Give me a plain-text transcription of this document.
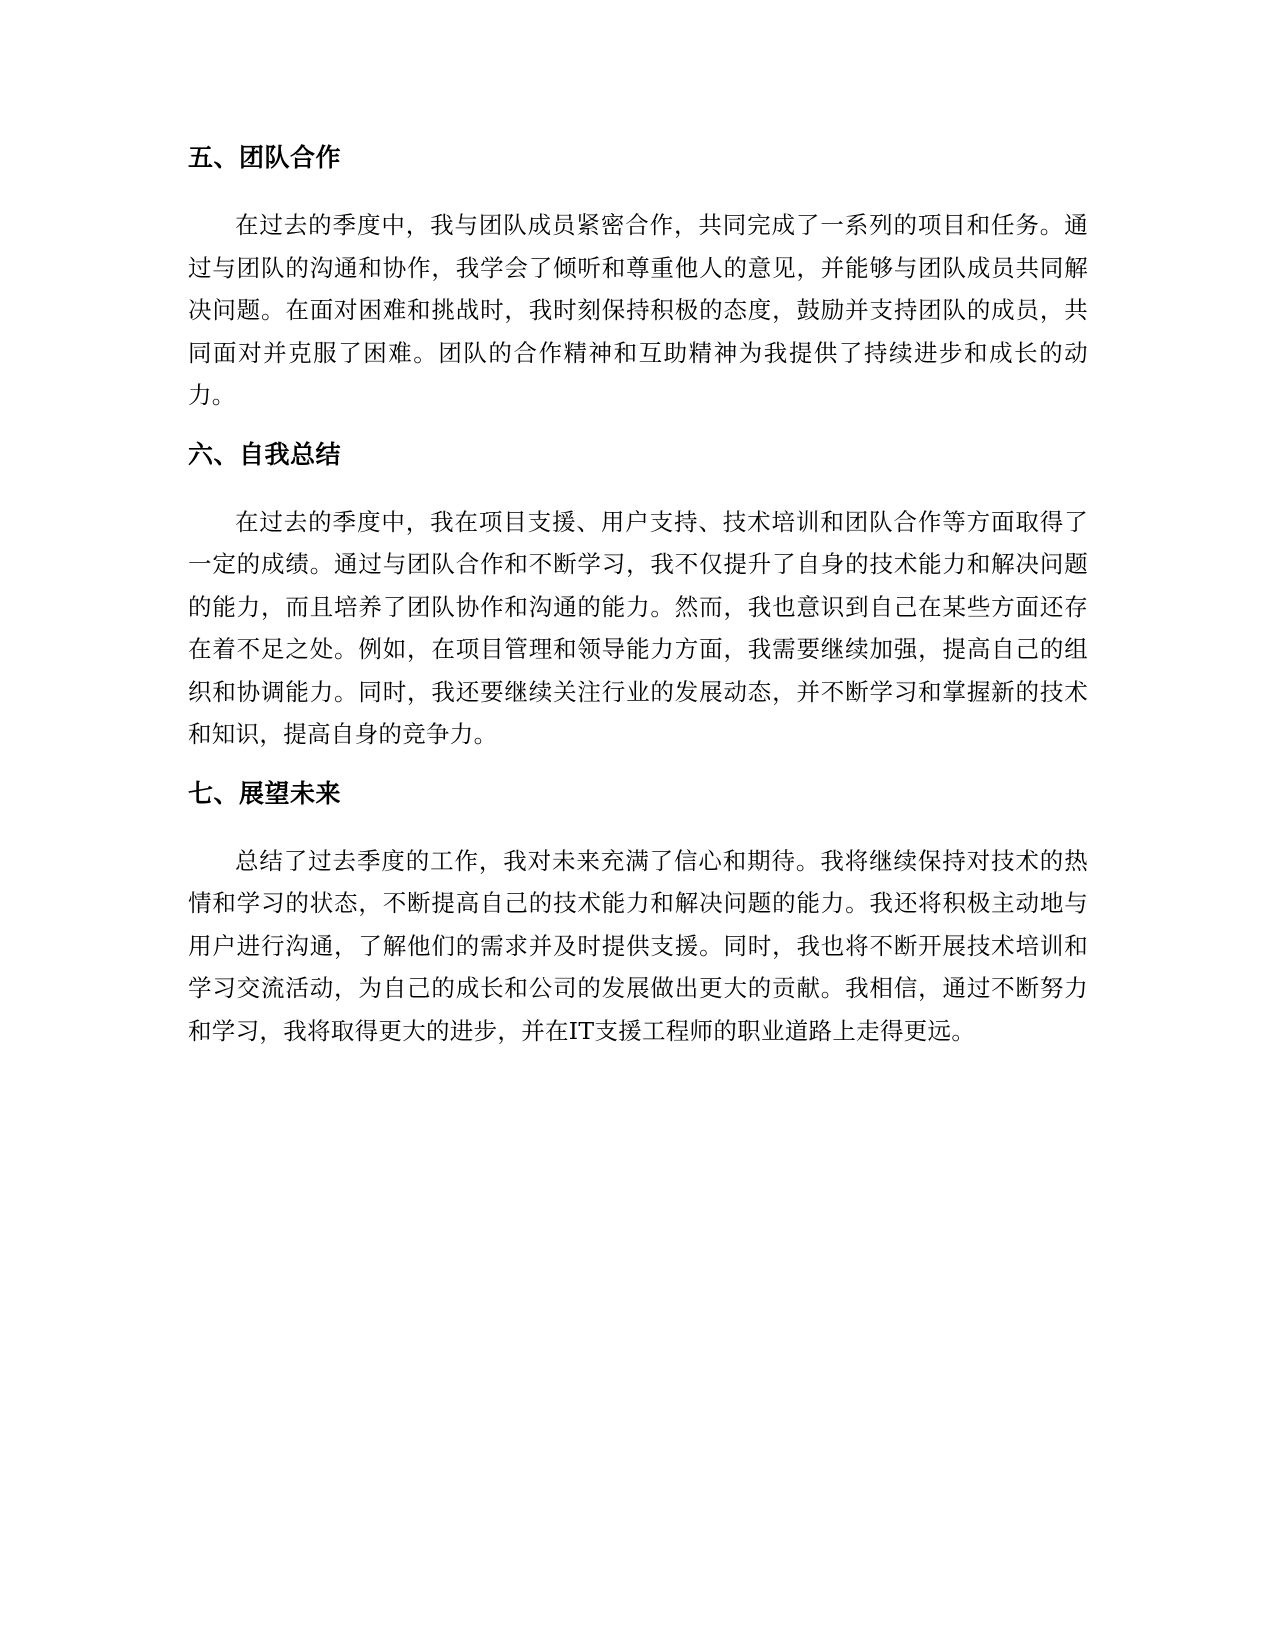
五、团队合作

在过去的季度中，我与团队成员紧密合作，共同完成了一系列的项目和任务。通过与团队的沟通和协作，我学会了倾听和尊重他人的意见，并能够与团队成员共同解决问题。在面对困难和挑战时，我时刻保持积极的态度，鼓励并支持团队的成员，共同面对并克服了困难。团队的合作精神和互助精神为我提供了持续进步和成长的动力。

六、自我总结

在过去的季度中，我在项目支援、用户支持、技术培训和团队合作等方面取得了一定的成绩。通过与团队合作和不断学习，我不仅提升了自身的技术能力和解决问题的能力，而且培养了团队协作和沟通的能力。然而，我也意识到自己在某些方面还存在着不足之处。例如，在项目管理和领导能力方面，我需要继续加强，提高自己的组织和协调能力。同时，我还要继续关注行业的发展动态，并不断学习和掌握新的技术和知识，提高自身的竞争力。

七、展望未来

总结了过去季度的工作，我对未来充满了信心和期待。我将继续保持对技术的热情和学习的状态，不断提高自己的技术能力和解决问题的能力。我还将积极主动地与用户进行沟通，了解他们的需求并及时提供支援。同时，我也将不断开展技术培训和学习交流活动，为自己的成长和公司的发展做出更大的贡献。我相信，通过不断努力和学习，我将取得更大的进步，并在IT支援工程师的职业道路上走得更远。
